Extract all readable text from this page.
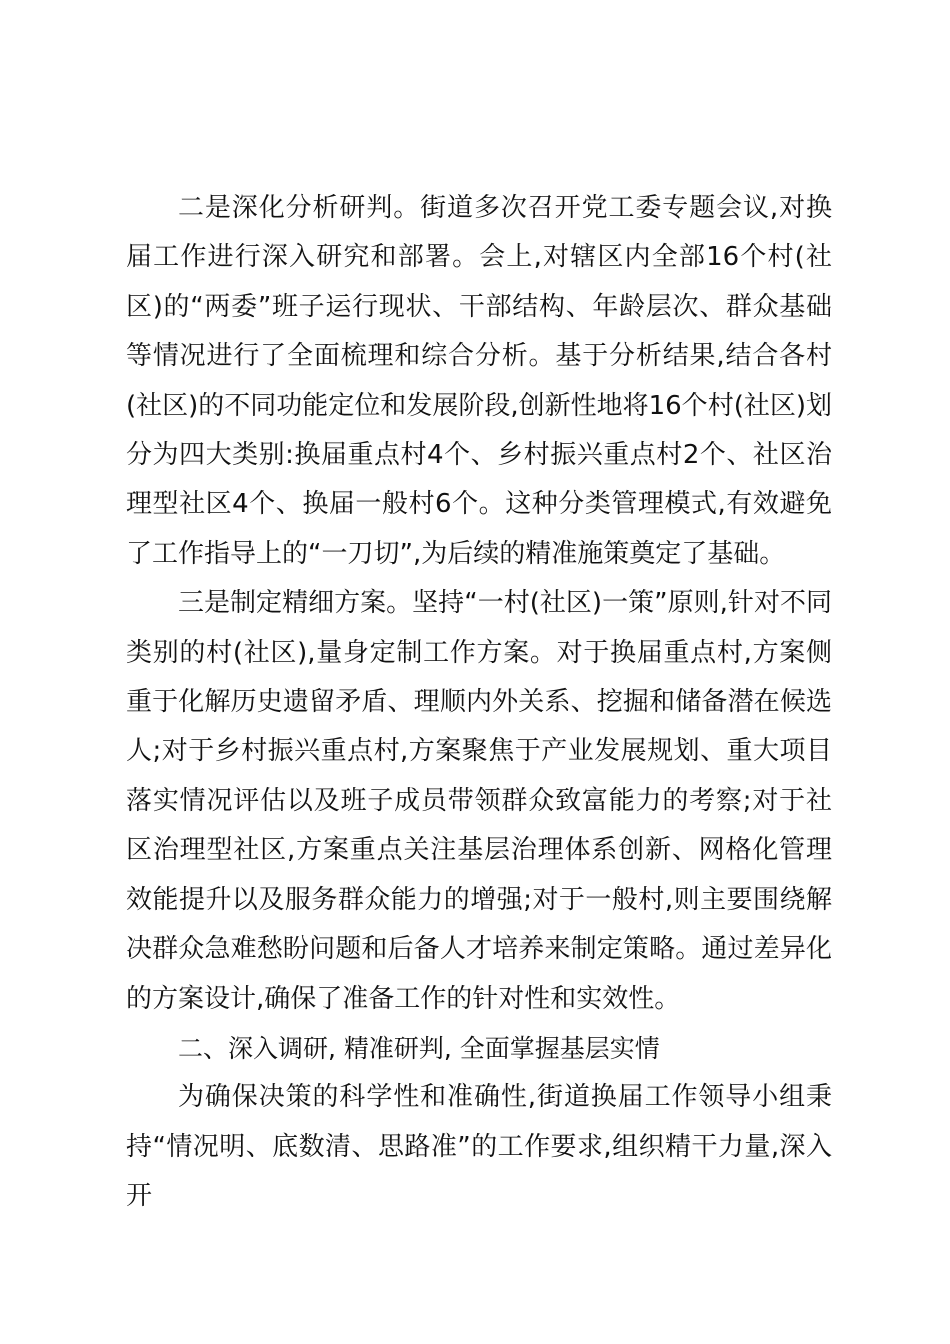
二是深化分析研判。街道多次召开党工委专题会议,对换届工作进行深入研究和部署。会上,对辖区内全部16个村(社区)的“两委”班子运行现状、干部结构、年龄层次、群众基础等情况进行了全面梳理和综合分析。基于分析结果,结合各村(社区)的不同功能定位和发展阶段,创新性地将16个村(社区)划分为四大类别:换届重点村4个、乡村振兴重点村2个、社区治理型社区4个、换届一般村6个。这种分类管理模式,有效避免了工作指导上的“一刀切”,为后续的精准施策奠定了基础。

三是制定精细方案。坚持“一村(社区)一策”原则,针对不同类别的村(社区),量身定制工作方案。对于换届重点村,方案侧重于化解历史遗留矛盾、理顺内外关系、挖掘和储备潜在候选人;对于乡村振兴重点村,方案聚焦于产业发展规划、重大项目落实情况评估以及班子成员带领群众致富能力的考察;对于社区治理型社区,方案重点关注基层治理体系创新、网格化管理效能提升以及服务群众能力的增强;对于一般村,则主要围绕解决群众急难愁盼问题和后备人才培养来制定策略。通过差异化的方案设计,确保了准备工作的针对性和实效性。

二、深入调研, 精准研判, 全面掌握基层实情

为确保决策的科学性和准确性,街道换届工作领导小组秉持“情况明、底数清、思路准”的工作要求,组织精干力量,深入开
